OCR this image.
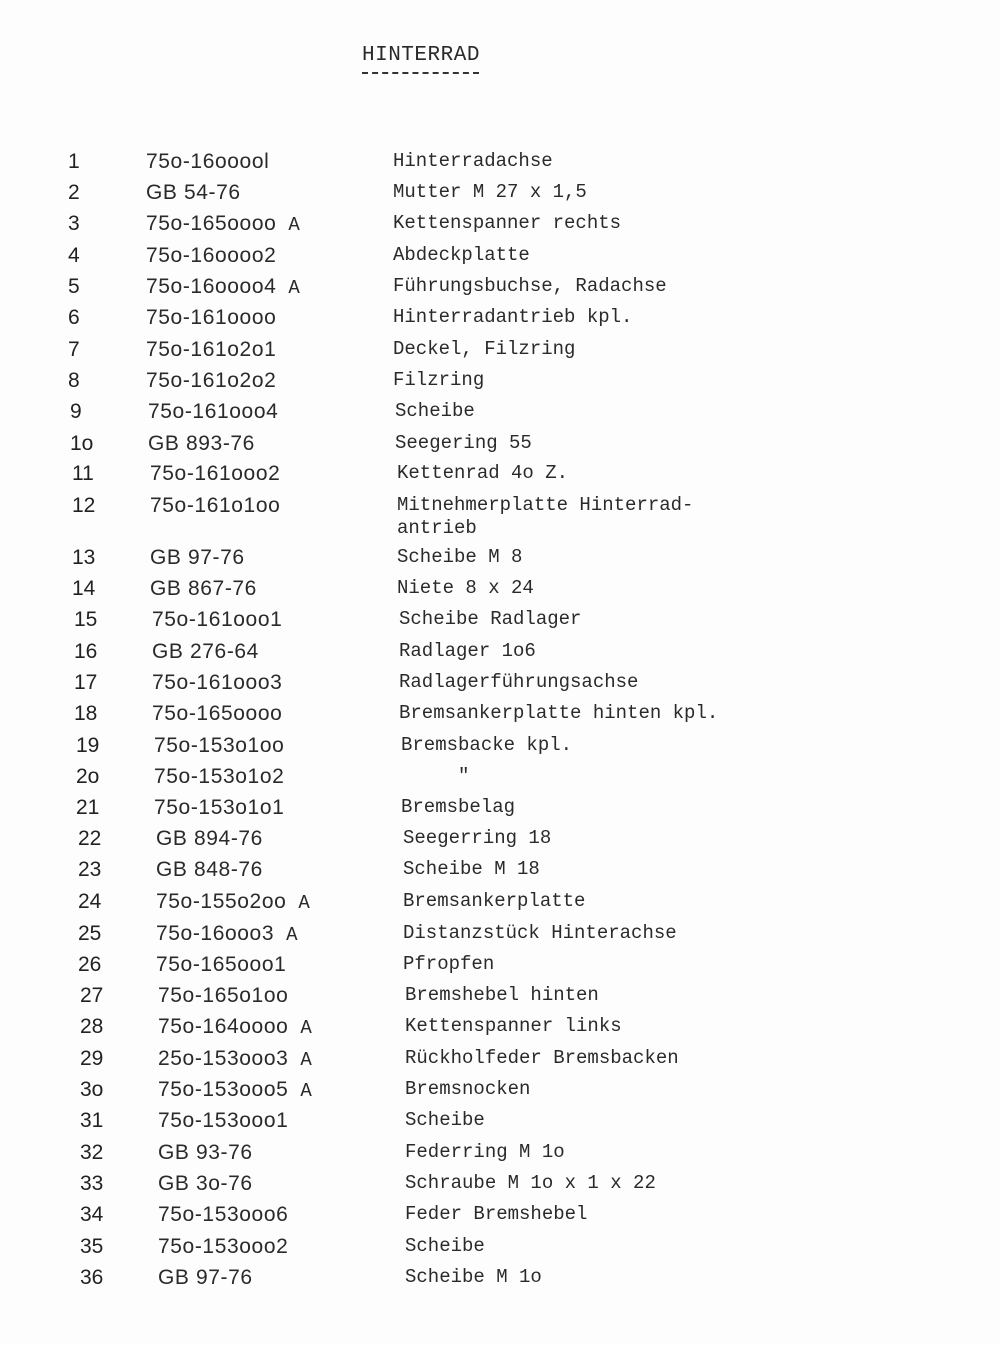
HINTERRAD
1	75o-16ooool	Hinterradachse
2	GB 54-76	Mutter M 27 x 1,5
3	75o-165oooo A	Kettenspanner rechts
4	75o-16oooo2	Abdeckplatte
5	75o-16oooo4 A	Führungsbuchse, Radachse
6	75o-161oooo	Hinterradantrieb kpl.
7	75o-161o2o1	Deckel, Filzring
8	75o-161o2o2	Filzring
9	75o-161ooo4	Scheibe
1o	GB 893-76	Seegering 55
11	75o-161ooo2	Kettenrad 4o Z.
12	75o-161o1oo	Mitnehmerplatte Hinterrad-
antrieb
13	GB 97-76	Scheibe M 8
14	GB 867-76	Niete 8 x 24
15	75o-161ooo1	Scheibe Radlager
16	GB 276-64	Radlager 1o6
17	75o-161ooo3	Radlagerführungsachse
18	75o-165oooo	Bremsankerplatte hinten kpl.
19	75o-153o1oo	Bremsbacke kpl.
2o	75o-153o1o2	"
21	75o-153o1o1	Bremsbelag
22	GB 894-76	Seegerring 18
23	GB 848-76	Scheibe M 18
24	75o-155o2oo A	Bremsankerplatte
25	75o-16ooo3 A	Distanzstück Hinterachse
26	75o-165ooo1	Pfropfen
27	75o-165o1oo	Bremshebel hinten
28	75o-164oooo A	Kettenspanner links
29	25o-153ooo3 A	Rückholfeder Bremsbacken
3o	75o-153ooo5 A	Bremsnocken
31	75o-153ooo1	Scheibe
32	GB 93-76	Federring M 1o
33	GB 3o-76	Schraube M 1o x 1 x 22
34	75o-153ooo6	Feder Bremshebel
35	75o-153ooo2	Scheibe
36	GB 97-76	Scheibe M 1o
